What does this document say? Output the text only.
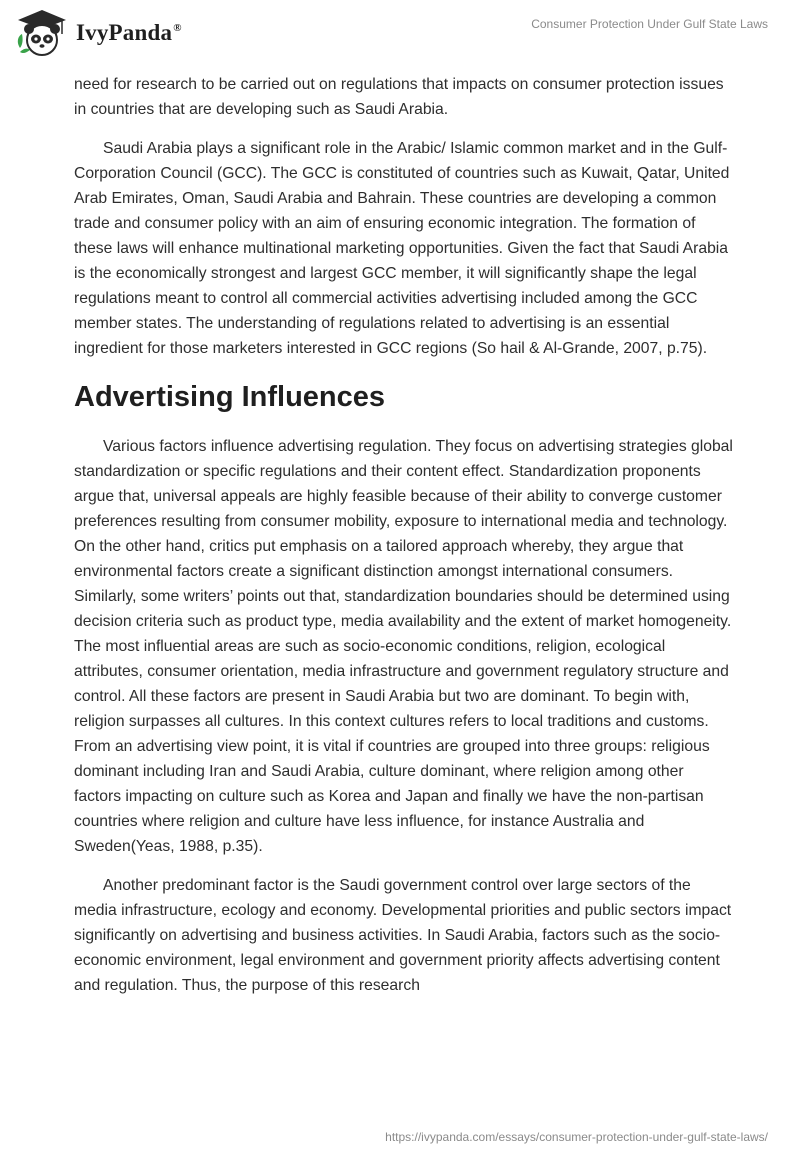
IvyPanda®	Consumer Protection Under Gulf State Laws

need for research to be carried out on regulations that impacts on consumer protection issues in countries that are developing such as Saudi Arabia.

Saudi Arabia plays a significant role in the Arabic/ Islamic common market and in the Gulf-Corporation Council (GCC). The GCC is constituted of countries such as Kuwait, Qatar, United Arab Emirates, Oman, Saudi Arabia and Bahrain. These countries are developing a common trade and consumer policy with an aim of ensuring economic integration. The formation of these laws will enhance multinational marketing opportunities. Given the fact that Saudi Arabia is the economically strongest and largest GCC member, it will significantly shape the legal regulations meant to control all commercial activities advertising included among the GCC member states. The understanding of regulations related to advertising is an essential ingredient for those marketers interested in GCC regions (So hail & Al-Grande, 2007, p.75).

Advertising Influences

Various factors influence advertising regulation. They focus on advertising strategies global standardization or specific regulations and their content effect. Standardization proponents argue that, universal appeals are highly feasible because of their ability to converge customer preferences resulting from consumer mobility, exposure to international media and technology. On the other hand, critics put emphasis on a tailored approach whereby, they argue that environmental factors create a significant distinction amongst international consumers. Similarly, some writers’ points out that, standardization boundaries should be determined using decision criteria such as product type, media availability and the extent of market homogeneity. The most influential areas are such as socio-economic conditions, religion, ecological attributes, consumer orientation, media infrastructure and government regulatory structure and control. All these factors are present in Saudi Arabia but two are dominant. To begin with, religion surpasses all cultures. In this context cultures refers to local traditions and customs. From an advertising view point, it is vital if countries are grouped into three groups: religious dominant including Iran and Saudi Arabia, culture dominant, where religion among other factors impacting on culture such as Korea and Japan and finally we have the non-partisan countries where religion and culture have less influence, for instance Australia and Sweden(Yeas, 1988, p.35).

Another predominant factor is the Saudi government control over large sectors of the media infrastructure, ecology and economy. Developmental priorities and public sectors impact significantly on advertising and business activities. In Saudi Arabia, factors such as the socio-economic environment, legal environment and government priority affects advertising content and regulation. Thus, the purpose of this research

https://ivypanda.com/essays/consumer-protection-under-gulf-state-laws/
